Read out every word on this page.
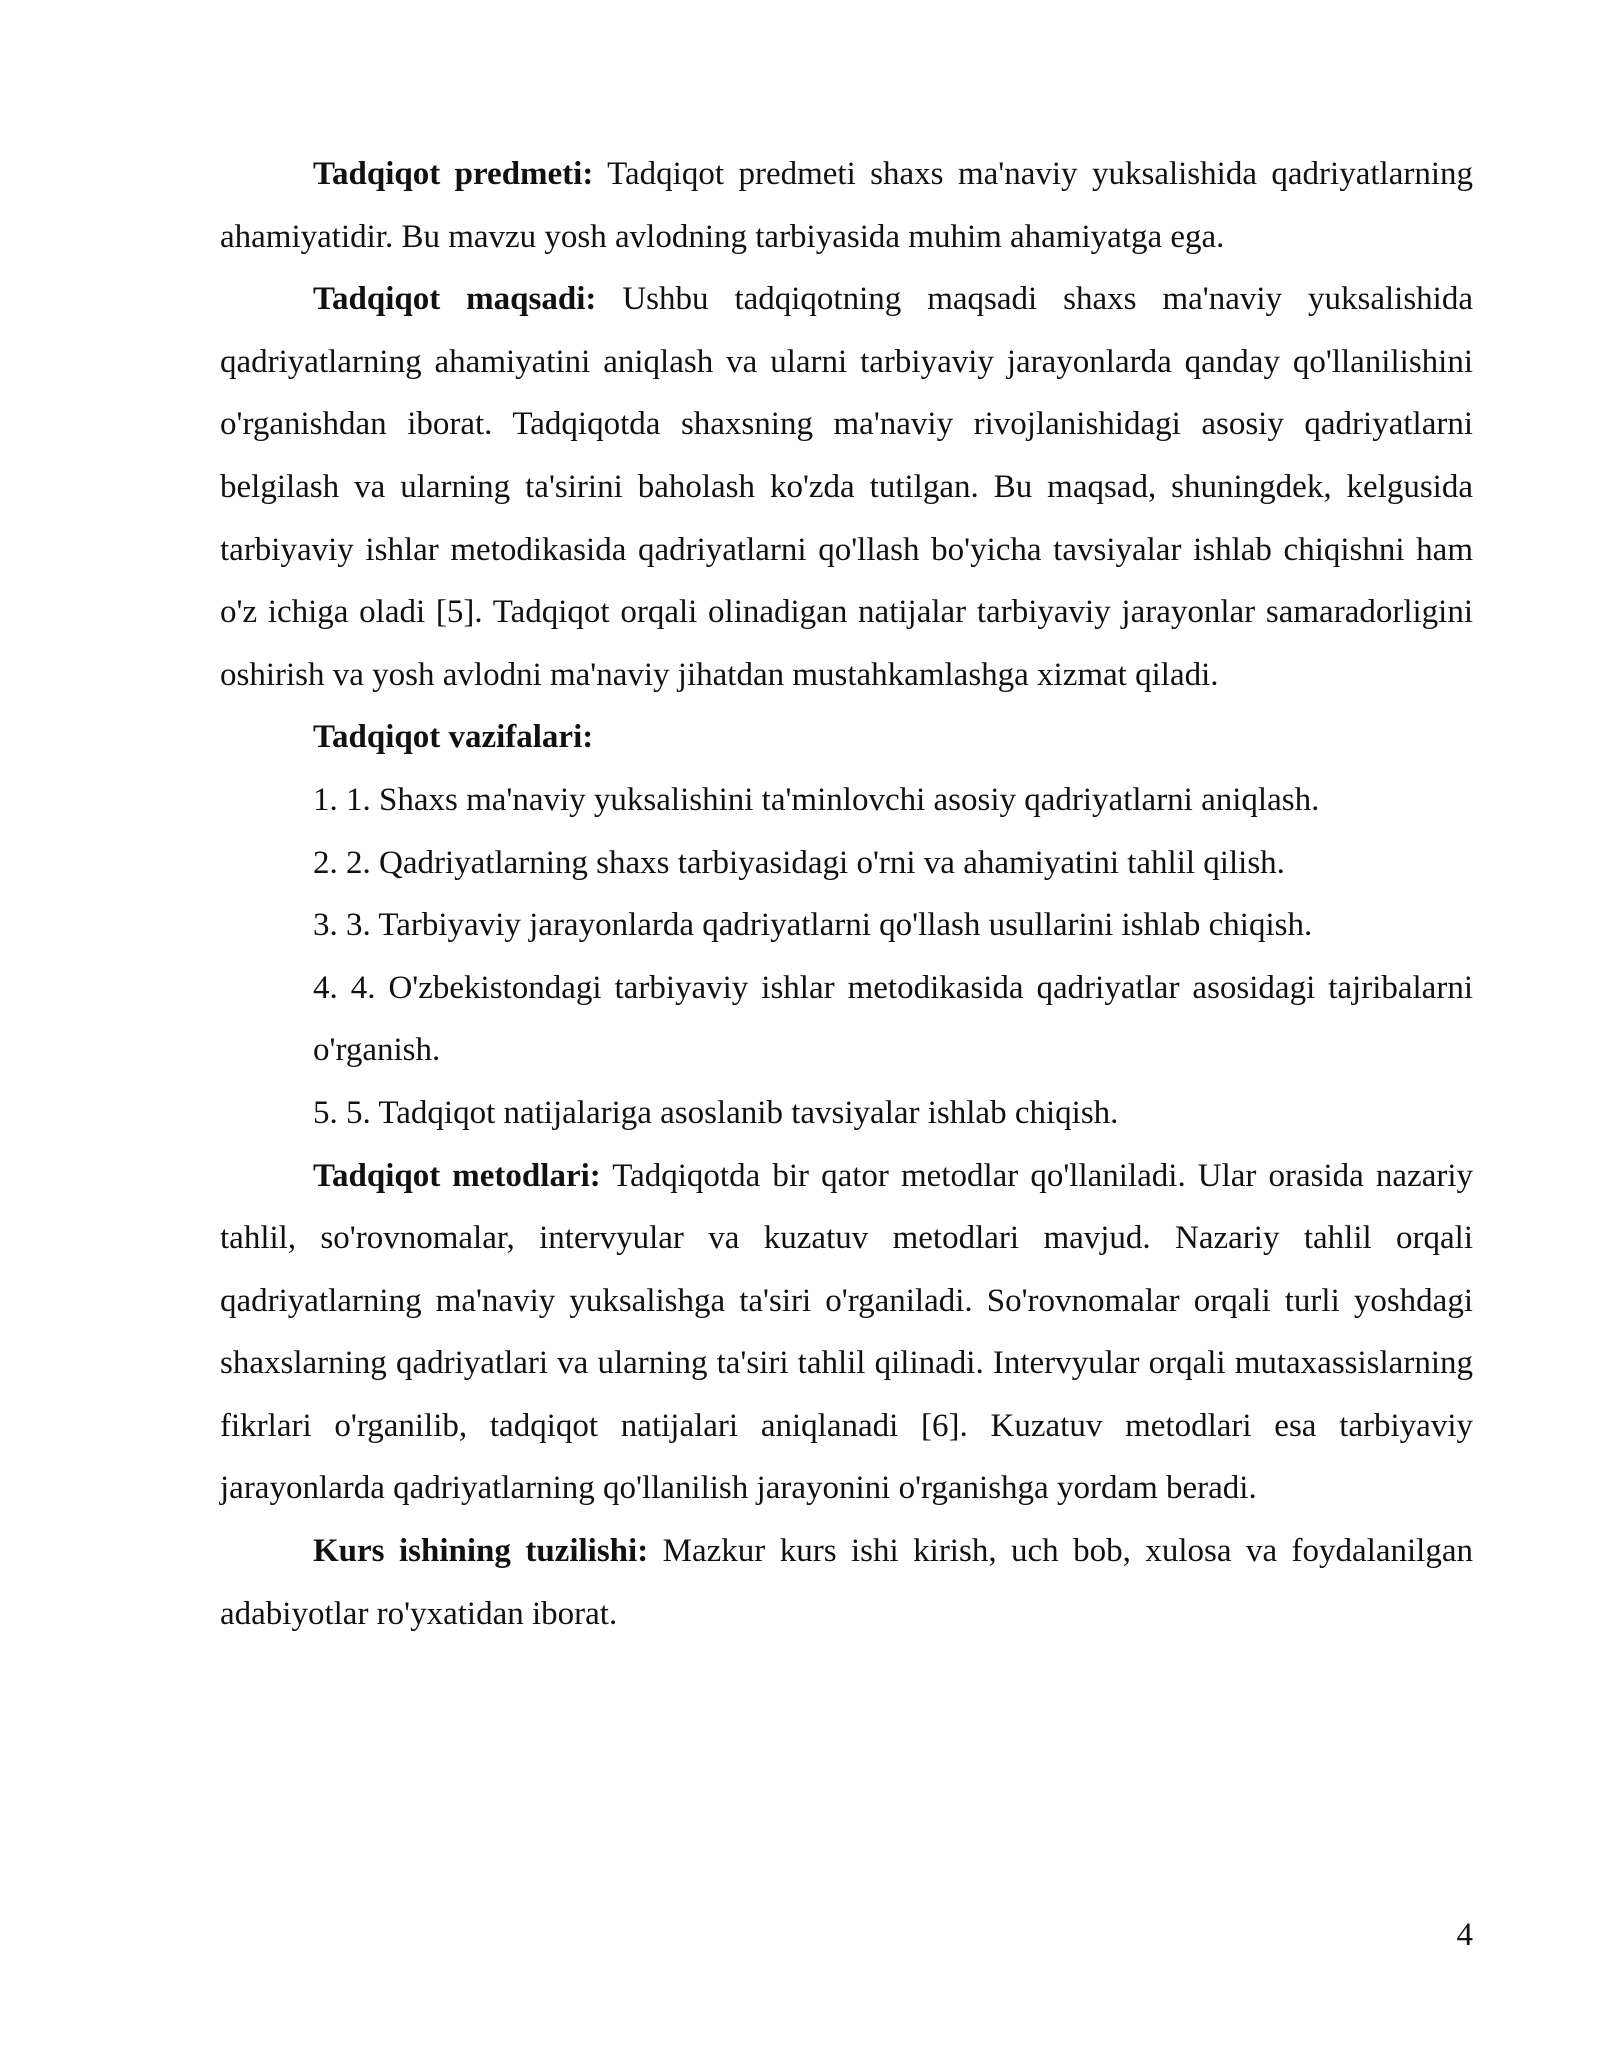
Tadqiqot predmeti: Tadqiqot predmeti shaxs ma'naviy yuksalishida qadriyatlarning ahamiyatidir. Bu mavzu yosh avlodning tarbiyasida muhim ahamiyatga ega.

Tadqiqot maqsadi: Ushbu tadqiqotning maqsadi shaxs ma'naviy yuksalishida qadriyatlarning ahamiyatini aniqlash va ularni tarbiyaviy jarayonlarda qanday qo'llanilishini o'rganishdan iborat. Tadqiqotda shaxsning ma'naviy rivojlanishidagi asosiy qadriyatlarni belgilash va ularning ta'sirini baholash ko'zda tutilgan. Bu maqsad, shuningdek, kelgusida tarbiyaviy ishlar metodikasida qadriyatlarni qo'llash bo'yicha tavsiyalar ishlab chiqishni ham o'z ichiga oladi [5]. Tadqiqot orqali olinadigan natijalar tarbiyaviy jarayonlar samaradorligini oshirish va yosh avlodni ma'naviy jihatdan mustahkamlashga xizmat qiladi.

Tadqiqot vazifalari:

1. 1. Shaxs ma'naviy yuksalishini ta'minlovchi asosiy qadriyatlarni aniqlash.

2. 2. Qadriyatlarning shaxs tarbiyasidagi o'rni va ahamiyatini tahlil qilish.

3. 3. Tarbiyaviy jarayonlarda qadriyatlarni qo'llash usullarini ishlab chiqish.

4. 4. O'zbekistondagi tarbiyaviy ishlar metodikasida qadriyatlar asosidagi tajribalarni o'rganish.

5. 5. Tadqiqot natijalariga asoslanib tavsiyalar ishlab chiqish.

Tadqiqot metodlari: Tadqiqotda bir qator metodlar qo'llaniladi. Ular orasida nazariy tahlil, so'rovnomalar, intervyular va kuzatuv metodlari mavjud. Nazariy tahlil orqali qadriyatlarning ma'naviy yuksalishga ta'siri o'rganiladi. So'rovnomalar orqali turli yoshdagi shaxslarning qadriyatlari va ularning ta'siri tahlil qilinadi. Intervyular orqali mutaxassislarning fikrlari o'rganilib, tadqiqot natijalari aniqlanadi [6]. Kuzatuv metodlari esa tarbiyaviy jarayonlarda qadriyatlarning qo'llanilish jarayonini o'rganishga yordam beradi.

Kurs ishining tuzilishi: Mazkur kurs ishi kirish, uch bob, xulosa va foydalanilgan adabiyotlar ro'yxatidan iborat.

4
